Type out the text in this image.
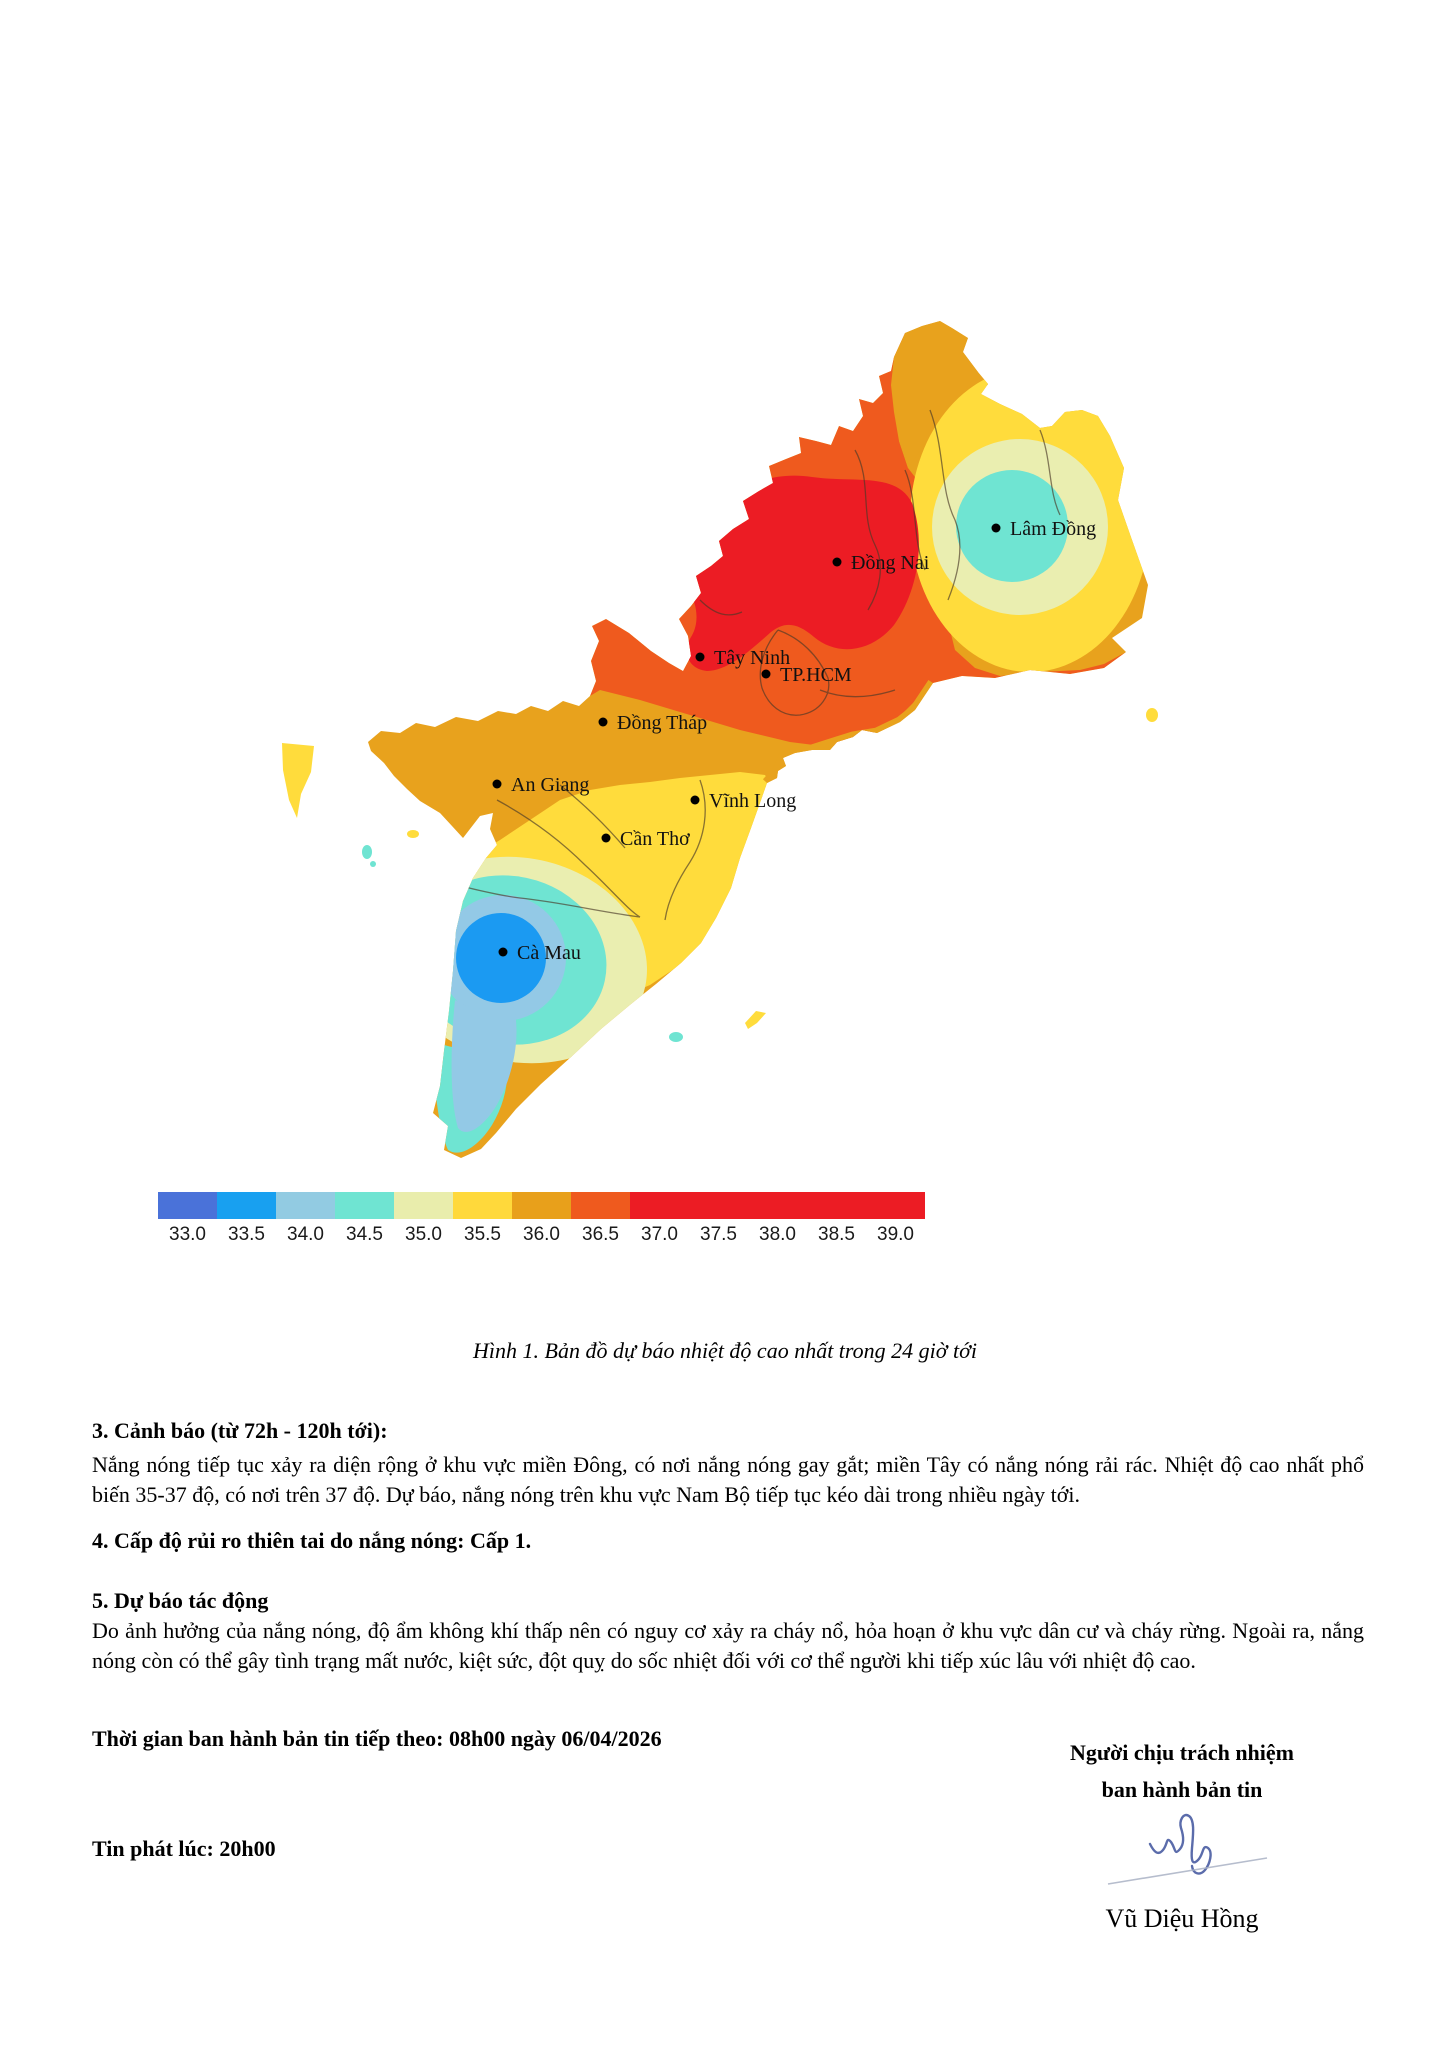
Lâm Đồng
Đồng Nai
Tây Ninh
TP.HCM
Đồng Tháp
An Giang
Vĩnh Long
Cần Thơ
Cà Mau
33.0	33.5	34.0	34.5	35.0	35.5	36.0	36.5	37.0	37.5	38.0	38.5	39.0
Hình 1. Bản đồ dự báo nhiệt độ cao nhất trong 24 giờ tới
3. Cảnh báo (từ 72h - 120h tới):
Nắng nóng tiếp tục xảy ra diện rộng ở khu vực miền Đông, có nơi nắng nóng gay gắt; miền Tây có nắng nóng rải rác. Nhiệt độ cao nhất phổ biến 35-37 độ, có nơi trên 37 độ. Dự báo, nắng nóng trên khu vực Nam Bộ tiếp tục kéo dài trong nhiều ngày tới.
4. Cấp độ rủi ro thiên tai do nắng nóng: Cấp 1.
5. Dự báo tác động
Do ảnh hưởng của nắng nóng, độ ẩm không khí thấp nên có nguy cơ xảy ra cháy nổ, hỏa hoạn ở khu vực dân cư và cháy rừng. Ngoài ra, nắng nóng còn có thể gây tình trạng mất nước, kiệt sức, đột quỵ do sốc nhiệt đối với cơ thể người khi tiếp xúc lâu với nhiệt độ cao.
Thời gian ban hành bản tin tiếp theo: 08h00 ngày 06/04/2026
Người chịu trách nhiệm
ban hành bản tin
Tin phát lúc: 20h00
Vũ Diệu Hồng
